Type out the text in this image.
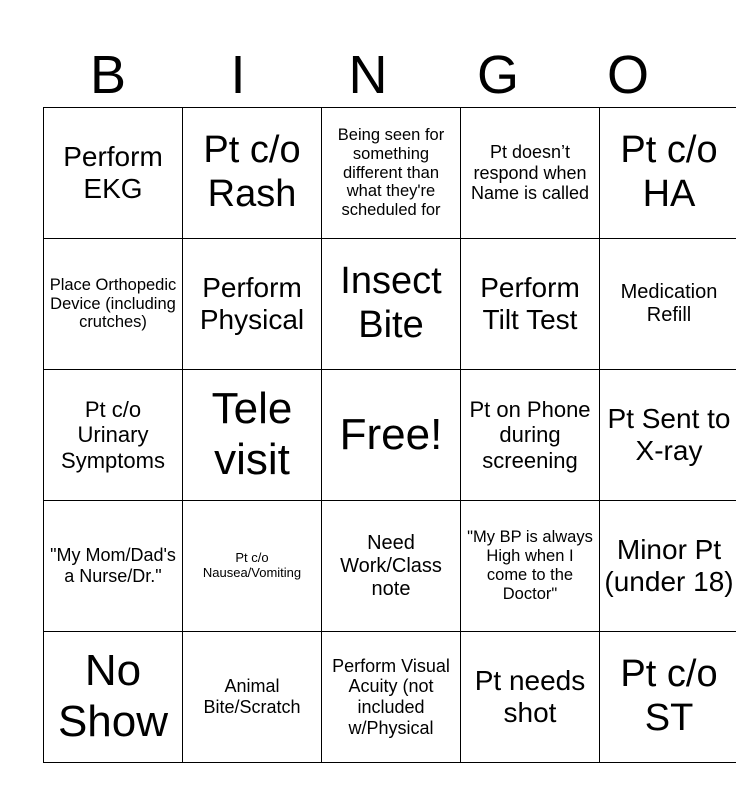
B	I	N	G	O
Perform EKG	Pt c/o Rash	Being seen for something different than what they're scheduled for	Pt doesn’t respond when Name is called	Pt c/o HA
Place Orthopedic Device (including crutches)	Perform Physical	Insect Bite	Perform Tilt Test	Medication Refill
Pt c/o Urinary Symptoms	Tele visit	Free!	Pt on Phone during screening	Pt Sent to X-ray
"My Mom/Dad's a Nurse/Dr."	Pt c/o Nausea/Vomiting	Need Work/Class note	"My BP is always High when I come to the Doctor"	Minor Pt (under 18)
No Show	Animal Bite/Scratch	Perform Visual Acuity (not included w/Physical	Pt needs shot	Pt c/o ST
